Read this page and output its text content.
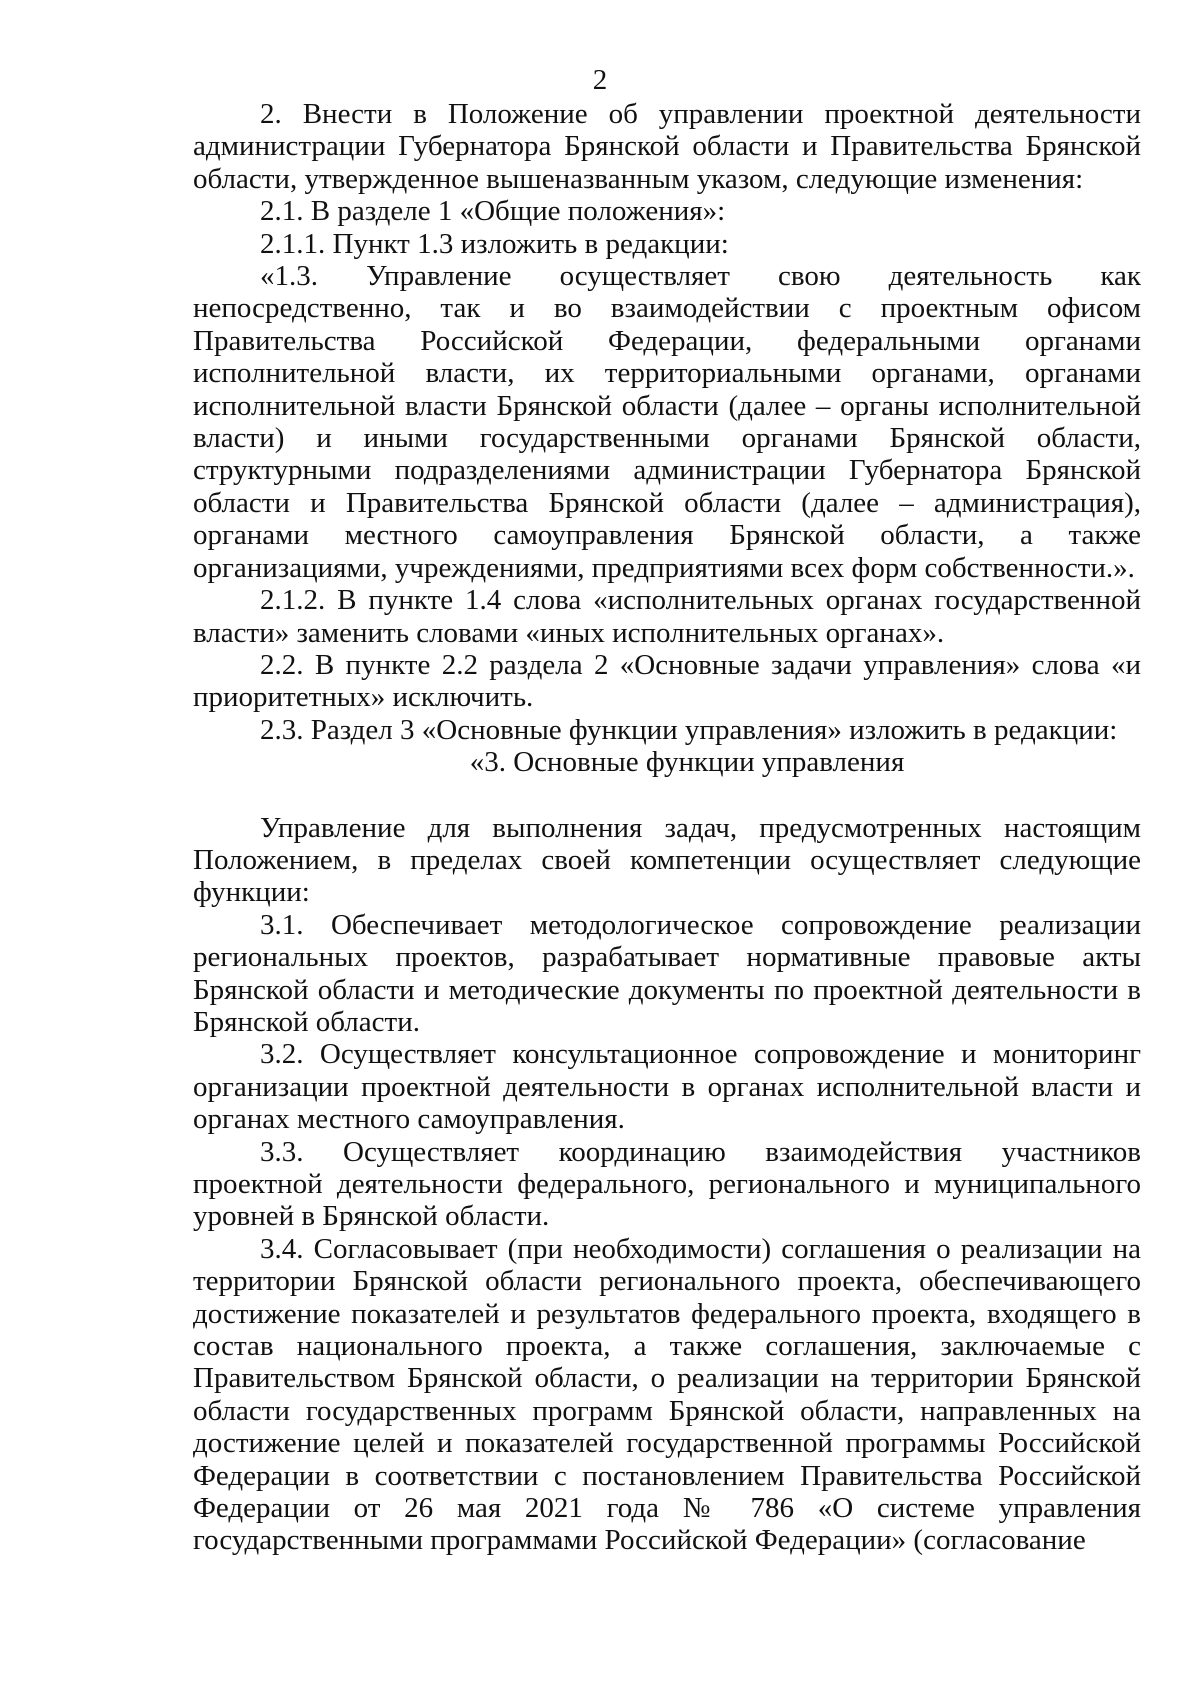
2

2. Внести в Положение об управлении проектной деятельности администрации Губернатора Брянской области и Правительства Брянской области, утвержденное вышеназванным указом, следующие изменения:

2.1. В разделе 1 «Общие положения»:

2.1.1. Пункт 1.3 изложить в редакции:

«1.3. Управление осуществляет свою деятельность как непосредственно, так и во взаимодействии с проектным офисом Правительства Российской Федерации, федеральными органами исполнительной власти, их территориальными органами, органами исполнительной власти Брянской области (далее – органы исполнительной власти) и иными государственными органами Брянской области, структурными подразделениями администрации Губернатора Брянской области и Правительства Брянской области (далее – администрация), органами местного самоуправления Брянской области, а также организациями, учреждениями, предприятиями всех форм собственности.».

2.1.2. В пункте 1.4 слова «исполнительных органах государственной власти» заменить словами «иных исполнительных органах».

2.2. В пункте 2.2 раздела 2 «Основные задачи управления» слова «и приоритетных» исключить.

2.3. Раздел 3 «Основные функции управления» изложить в редакции:

«3. Основные функции управления

Управление для выполнения задач, предусмотренных настоящим Положением, в пределах своей компетенции осуществляет следующие функции:

3.1. Обеспечивает методологическое сопровождение реализации региональных проектов, разрабатывает нормативные правовые акты Брянской области и методические документы по проектной деятельности в Брянской области.

3.2. Осуществляет консультационное сопровождение и мониторинг организации проектной деятельности в органах исполнительной власти и органах местного самоуправления.

3.3. Осуществляет координацию взаимодействия участников проектной деятельности федерального, регионального и муниципального уровней в Брянской области.

3.4. Согласовывает (при необходимости) соглашения о реализации на территории Брянской области регионального проекта, обеспечивающего достижение показателей и результатов федерального проекта, входящего в состав национального проекта, а также соглашения, заключаемые с Правительством Брянской области, о реализации на территории Брянской области государственных программ Брянской области, направленных на достижение целей и показателей государственной программы Российской Федерации в соответствии с постановлением Правительства Российской Федерации от 26 мая 2021 года № 786 «О системе управления государственными программами Российской Федерации» (согласование
